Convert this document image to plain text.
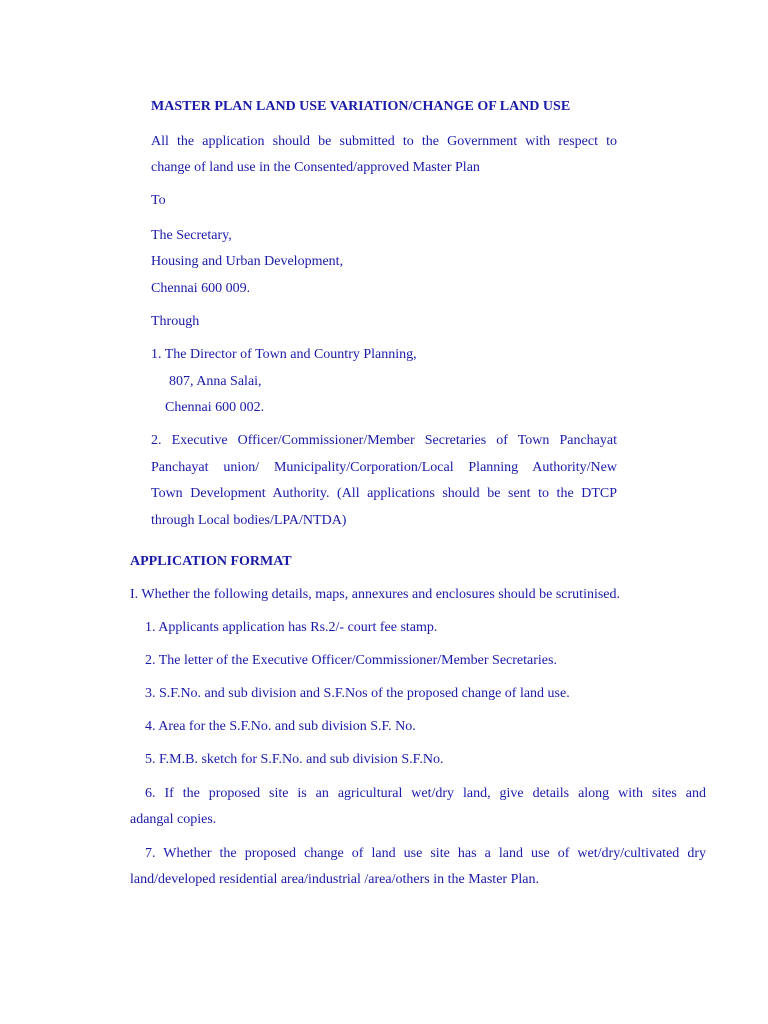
MASTER PLAN LAND USE VARIATION/CHANGE OF LAND USE
All the application should be submitted to the Government with respect to
change of land use in the Consented/approved Master Plan
To
The Secretary,
Housing and Urban Development,
Chennai 600 009.
Through
1. The Director of Town and Country Planning,
807, Anna Salai,
Chennai 600 002.
2. Executive Officer/Commissioner/Member Secretaries of Town Panchayat
Panchayat union/ Municipality/Corporation/Local Planning Authority/New
Town Development Authority. (All applications should be sent to the DTCP
through Local bodies/LPA/NTDA)
APPLICATION FORMAT
I. Whether the following details, maps, annexures and enclosures should be scrutinised.
1. Applicants application has Rs.2/- court fee stamp.
2. The letter of the Executive Officer/Commissioner/Member Secretaries.
3. S.F.No. and sub division and S.F.Nos of the proposed change of land use.
4. Area for the S.F.No. and sub division S.F. No.
5. F.M.B. sketch for S.F.No. and sub division S.F.No.
6. If the proposed site is an agricultural wet/dry land, give details along with sites and
adangal copies.
7. Whether the proposed change of land use site has a land use of wet/dry/cultivated dry
land/developed residential area/industrial /area/others in the Master Plan.
